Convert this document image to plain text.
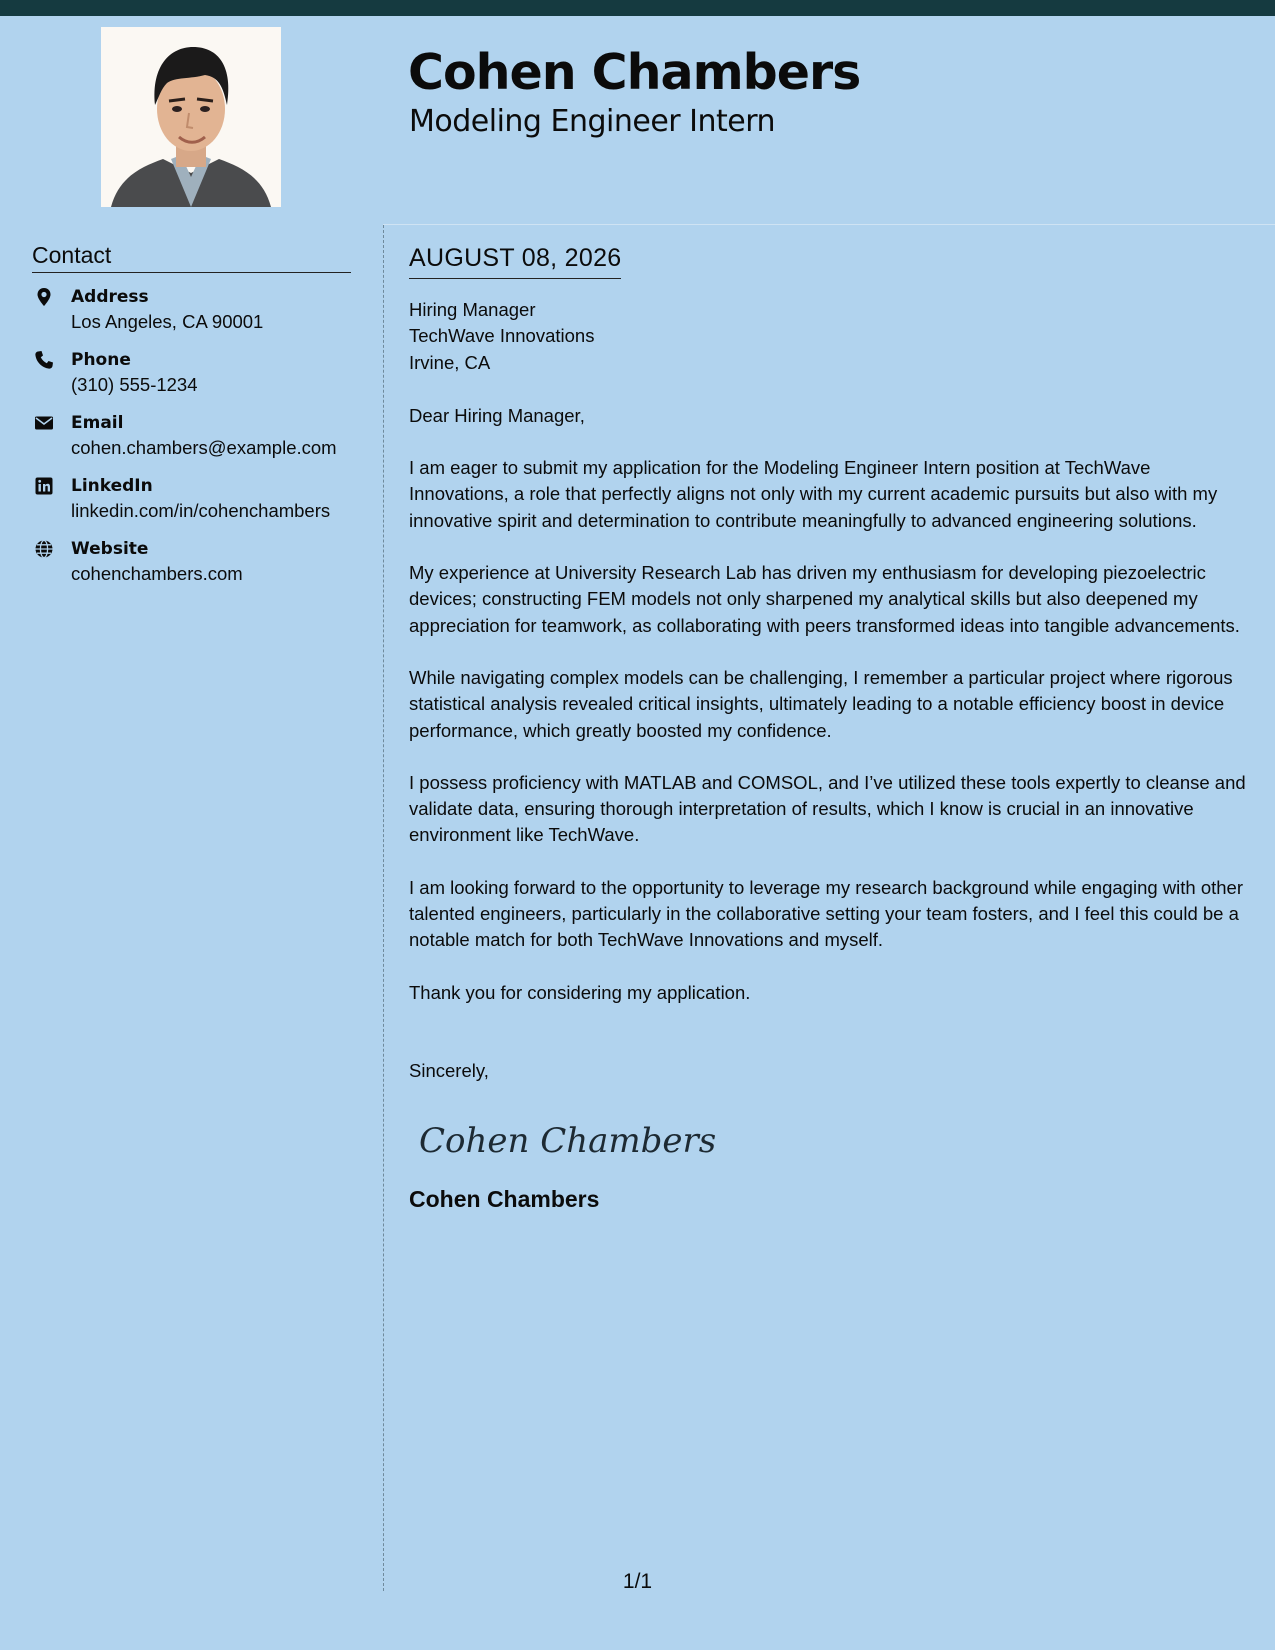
Cohen Chambers
Modeling Engineer Intern
Contact
Address
Los Angeles, CA 90001
Phone
(310) 555-1234
Email
cohen.chambers@example.com
LinkedIn
linkedin.com/in/cohenchambers
Website
cohenchambers.com
AUGUST 08, 2026
Hiring Manager
TechWave Innovations
Irvine, CA

Dear Hiring Manager,

I am eager to submit my application for the Modeling Engineer Intern position at TechWave Innovations, a role that perfectly aligns not only with my current academic pursuits but also with my innovative spirit and determination to contribute meaningfully to advanced engineering solutions.

My experience at University Research Lab has driven my enthusiasm for developing piezoelectric devices; constructing FEM models not only sharpened my analytical skills but also deepened my appreciation for teamwork, as collaborating with peers transformed ideas into tangible advancements.

While navigating complex models can be challenging, I remember a particular project where rigorous statistical analysis revealed critical insights, ultimately leading to a notable efficiency boost in device performance, which greatly boosted my confidence.

I possess proficiency with MATLAB and COMSOL, and I’ve utilized these tools expertly to cleanse and validate data, ensuring thorough interpretation of results, which I know is crucial in an innovative environment like TechWave.

I am looking forward to the opportunity to leverage my research background while engaging with other talented engineers, particularly in the collaborative setting your team fosters, and I feel this could be a notable match for both TechWave Innovations and myself.

Thank you for considering my application.

Sincerely,

Cohen Chambers
Cohen Chambers
1/1
